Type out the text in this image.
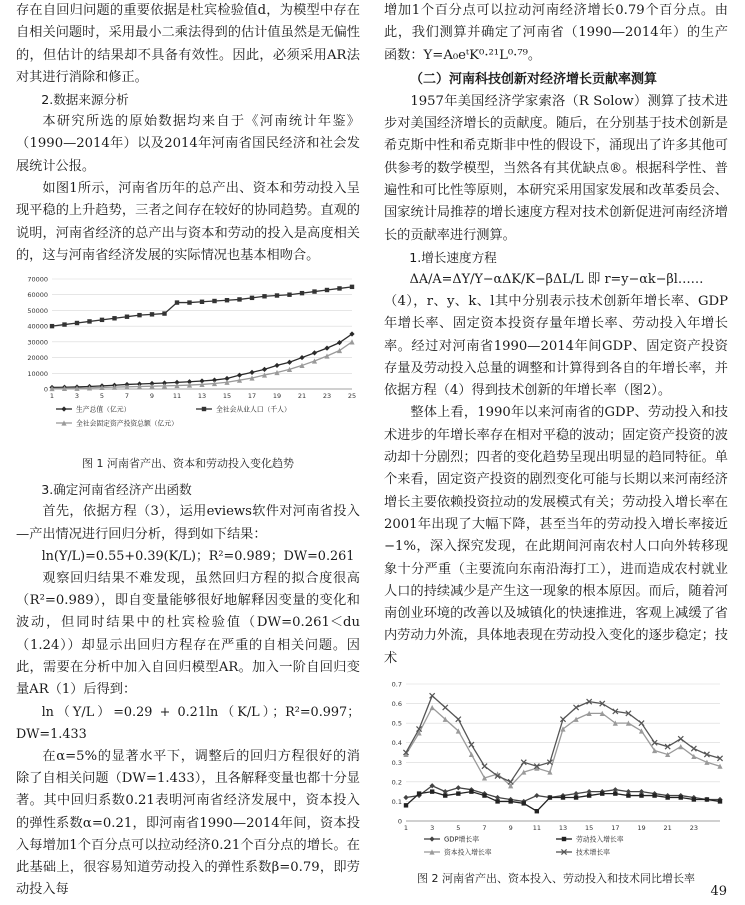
存在自回归问题的重要依据是杜宾检验值d，为模型中存在自相关问题时，采用最小二乘法得到的估计值虽然是无偏性的，但估计的结果却不具备有效性。因此，必须采用AR法对其进行消除和修正。

2.数据来源分析

本研究所选的原始数据均来自于《河南统计年鉴》（1990—2014年）以及2014年河南省国民经济和社会发展统计公报。

如图1所示，河南省历年的总产出、资本和劳动投入呈现平稳的上升趋势，三者之间存在较好的协同趋势。直观的说明，河南省经济的总产出与资本和劳动的投入是高度相关的，这与河南省经济发展的实际情况也基本相吻合。

0
10000
20000
30000
40000
50000
60000
70000
1	3	5	7	9	11	13	15	17	19	21	23	25
生产总值（亿元）	全社会从业人口（千人）
全社会固定资产投资总额（亿元）
图 1 河南省产出、资本和劳动投入变化趋势

3.确定河南省经济产出函数

首先，依据方程（3），运用eviews软件对河南省投入—产出情况进行回归分析，得到如下结果：

ln(Y/L)=0.55+0.39(K/L)；R²=0.989；DW=0.261

观察回归结果不难发现，虽然回归方程的拟合度很高（R²=0.989），即自变量能够很好地解释因变量的变化和波动，但同时结果中的杜宾检验值（DW=0.261＜du（1.24））却显示出回归方程存在严重的自相关问题。因此，需要在分析中加入自回归模型AR。加入一阶自回归变量AR（1）后得到：

ln（Y/L）=0.29 + 0.21ln（K/L）；R²=0.997；DW=1.433

在α=5%的显著水平下，调整后的回归方程很好的消除了自相关问题（DW=1.433），且各解释变量也都十分显著。其中回归系数0.21表明河南省经济发展中，资本投入的弹性系数α=0.21，即河南省1990—2014年间，资本投入每增加1个百分点可以拉动经济0.21个百分点的增长。在此基础上，很容易知道劳动投入的弹性系数β=0.79，即劳动投入每

增加1个百分点可以拉动河南经济增长0.79个百分点。由此，我们测算并确定了河南省（1990—2014年）的生产函数：Y=A₀eᵗK⁰·²¹L⁰·⁷⁹。

（二）河南科技创新对经济增长贡献率测算

1957年美国经济学家索洛（R Solow）测算了技术进步对美国经济增长的贡献度。随后，在分别基于技术创新是希克斯中性和希克斯非中性的假设下，涌现出了许多其他可供参考的数学模型，当然各有其优缺点®。根据科学性、普遍性和可比性等原则，本研究采用国家发展和改革委员会、国家统计局推荐的增长速度方程对技术创新促进河南经济增长的贡献率进行测算。

1.增长速度方程

ΔA/A=ΔY/Y−αΔK/K−βΔL/L 即 r=y−αk−βl……

（4），r、y、k、l其中分别表示技术创新年增长率、GDP年增长率、固定资本投资存量年增长率、劳动投入年增长率。经过对河南省1990—2014年间GDP、固定资产投资存量及劳动投入总量的调整和计算得到各自的年增长率，并依据方程（4）得到技术创新的年增长率（图2）。

整体上看，1990年以来河南省的GDP、劳动投入和技术进步的年增长率存在相对平稳的波动；固定资产投资的波动却十分剧烈；四者的变化趋势呈现出明显的趋同特征。单个来看，固定资产投资的剧烈变化可能与长期以来河南经济增长主要依赖投资拉动的发展模式有关；劳动投入增长率在2001年出现了大幅下降，甚至当年的劳动投入增长率接近−1%，深入探究发现，在此期间河南农村人口向外转移现象十分严重（主要流向东南沿海打工），进而造成农村就业人口的持续减少是产生这一现象的根本原因。而后，随着河南创业环境的改善以及城镇化的快速推进，客观上减缓了省内劳动力外流，具体地表现在劳动投入变化的逐步稳定；技术

0
0.1
0.2
0.3
0.4
0.5
0.6
0.7
1	3	5	7	9	11	13	15	17	19	21	23
GDP增长率	劳动投入增长率
资本投入增长率	技术增长率
图 2 河南省产出、资本投入、劳动投入和技术同比增长率
49
